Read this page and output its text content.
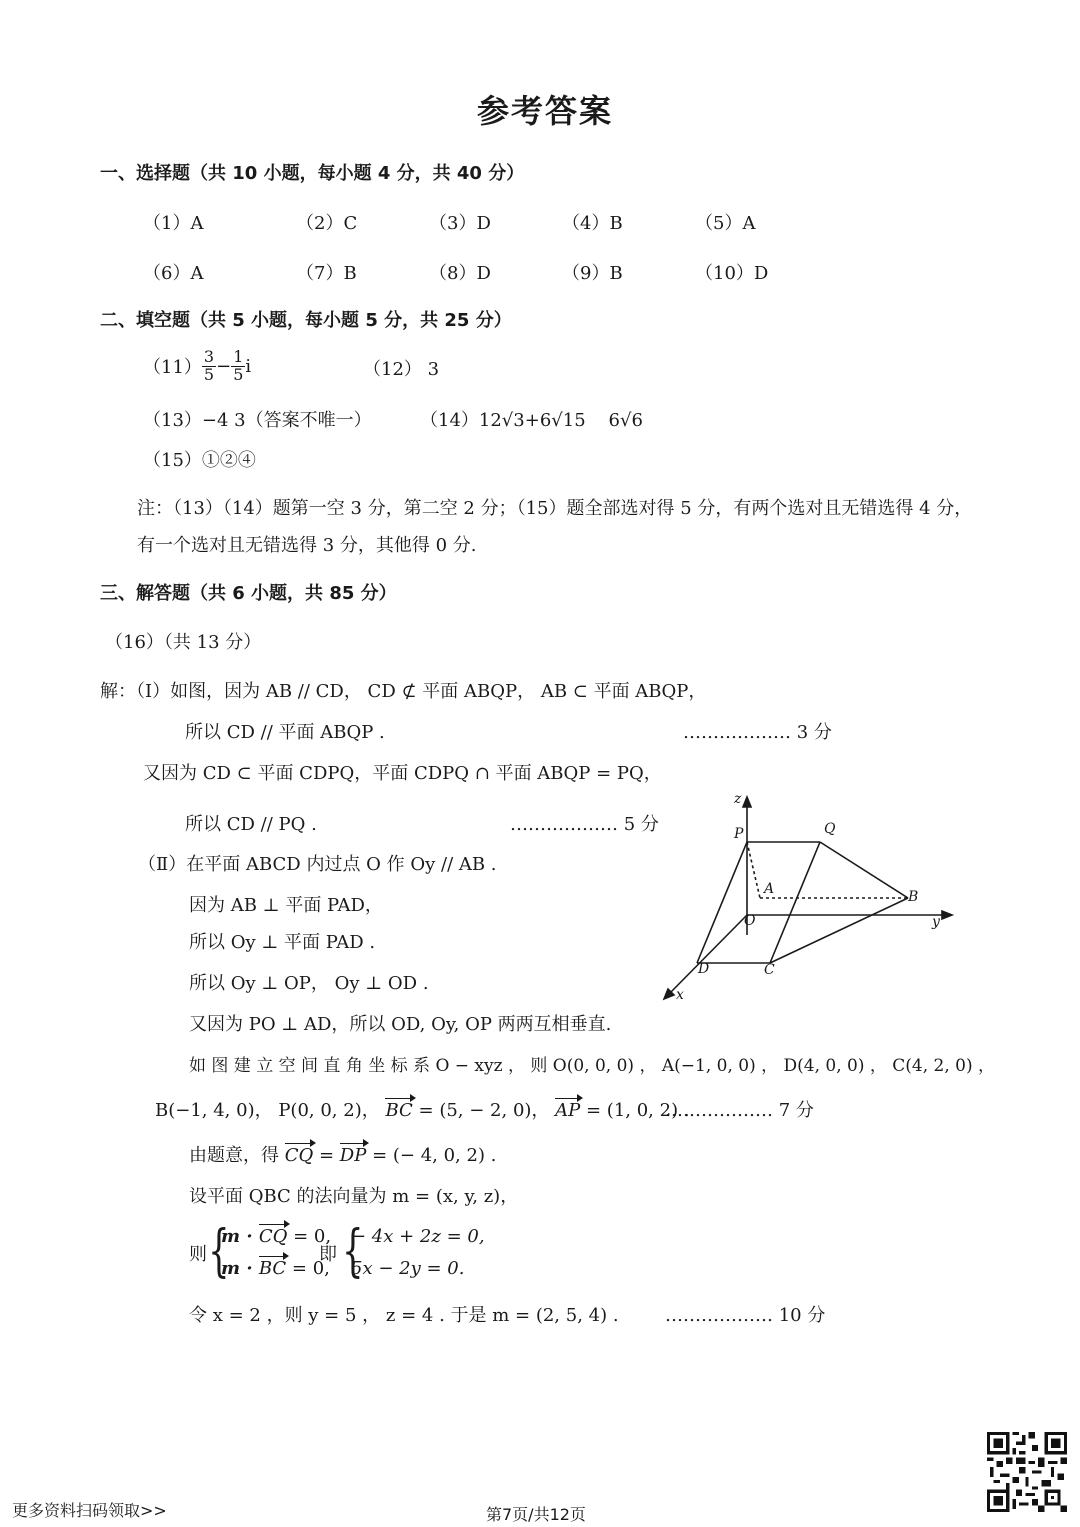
参考答案
一、选择题（共 10 小题，每小题 4 分，共 40 分）
（1）A	（2）C	（3）D	（4）B	（5）A
（6）A	（7）B	（8）D	（9）B	（10）D
二、填空题（共 5 小题，每小题 5 分，共 25 分）
$(11) \frac{3}{5} - \frac{1}{5}$ i	（12） 3
（13）−4 3（答案不唯一）	（14）12√3+6√15 6√6
（15）①②④
注：（13）（14）题第一空 3 分，第二空 2 分；（15）题全部选对得 5 分，有两个选对且无错选得 4 分，
有一个选对且无错选得 3 分，其他得 0 分.
三、解答题（共 6 小题，共 85 分）
（16）（共 13 分）
解：（Ⅰ）如图，因为 AB // CD， CD ⊄ 平面 ABQP， AB ⊂ 平面 ABQP，
所以 CD // 平面 ABQP .	……………… 3 分
又因为 CD ⊂ 平面 CDPQ，平面 CDPQ ∩ 平面 ABQP = PQ，
所以 CD // PQ .	……………… 5 分
（Ⅱ）在平面 ABCD 内过点 O 作 Oy // AB .
因为 AB ⊥ 平面 PAD，
所以 Oy ⊥ 平面 PAD .
所以 Oy ⊥ OP， Oy ⊥ OD .
又因为 PO ⊥ AD，所以 OD, Oy, OP 两两互相垂直.
如 图 建 立 空 间 直 角 坐 标 系 O − xyz ， 则 O(0, 0, 0) ， A(−1, 0, 0) ， D(4, 0, 0) ， C(4, 2, 0) ，
B(−1, 4, 0)， P(0, 0, 2)， BC = (5, − 2, 0)， AP = (1, 0, 2) .
……………… 7 分
由题意，得 CQ = DP = (− 4, 0, 2) .
设平面 QBC 的法向量为 m = (x, y, z)，
则 {
m · CQ = 0,
m · BC = 0,
即 {
− 4x + 2z = 0,
5x − 2y = 0.
令 x = 2 ，则 y = 5 ， z = 4 . 于是 m = (2, 5, 4) .	……………… 10 分
z
P	Q
A	B
O	y
D	C
x
更多资料扫码领取>>	第7页/共12页
